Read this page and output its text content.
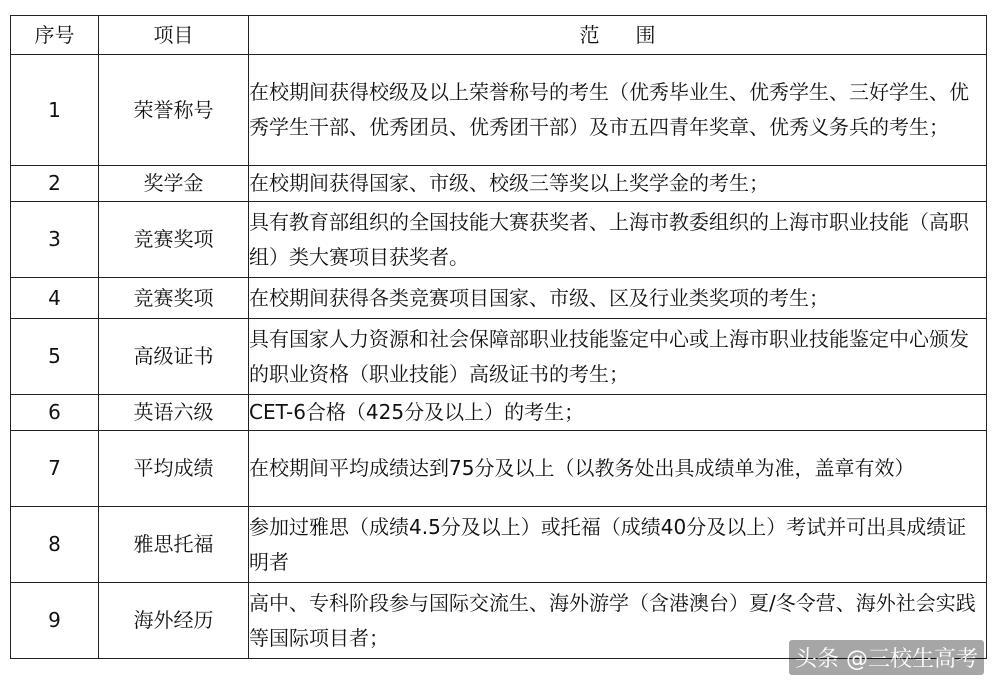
序号	项目	范围
1	荣誉称号	在校期间获得校级及以上荣誉称号的考生（优秀毕业生、优秀学生、三好学生、优秀学生干部、优秀团员、优秀团干部）及市五四青年奖章、优秀义务兵的考生；
2	奖学金	在校期间获得国家、市级、校级三等奖以上奖学金的考生；
3	竞赛奖项	具有教育部组织的全国技能大赛获奖者、上海市教委组织的上海市职业技能（高职组）类大赛项目获奖者。
4	竞赛奖项	在校期间获得各类竞赛项目国家、市级、区及行业类奖项的考生；
5	高级证书	具有国家人力资源和社会保障部职业技能鉴定中心或上海市职业技能鉴定中心颁发的职业资格（职业技能）高级证书的考生；
6	英语六级	CET-6合格（425分及以上）的考生；
7	平均成绩	在校期间平均成绩达到75分及以上（以教务处出具成绩单为准，盖章有效）
8	雅思托福	参加过雅思（成绩4.5分及以上）或托福（成绩40分及以上）考试并可出具成绩证明者
9	海外经历	高中、专科阶段参与国际交流生、海外游学（含港澳台）夏/冬令营、海外社会实践等国际项目者；
头条 @三校生高考
